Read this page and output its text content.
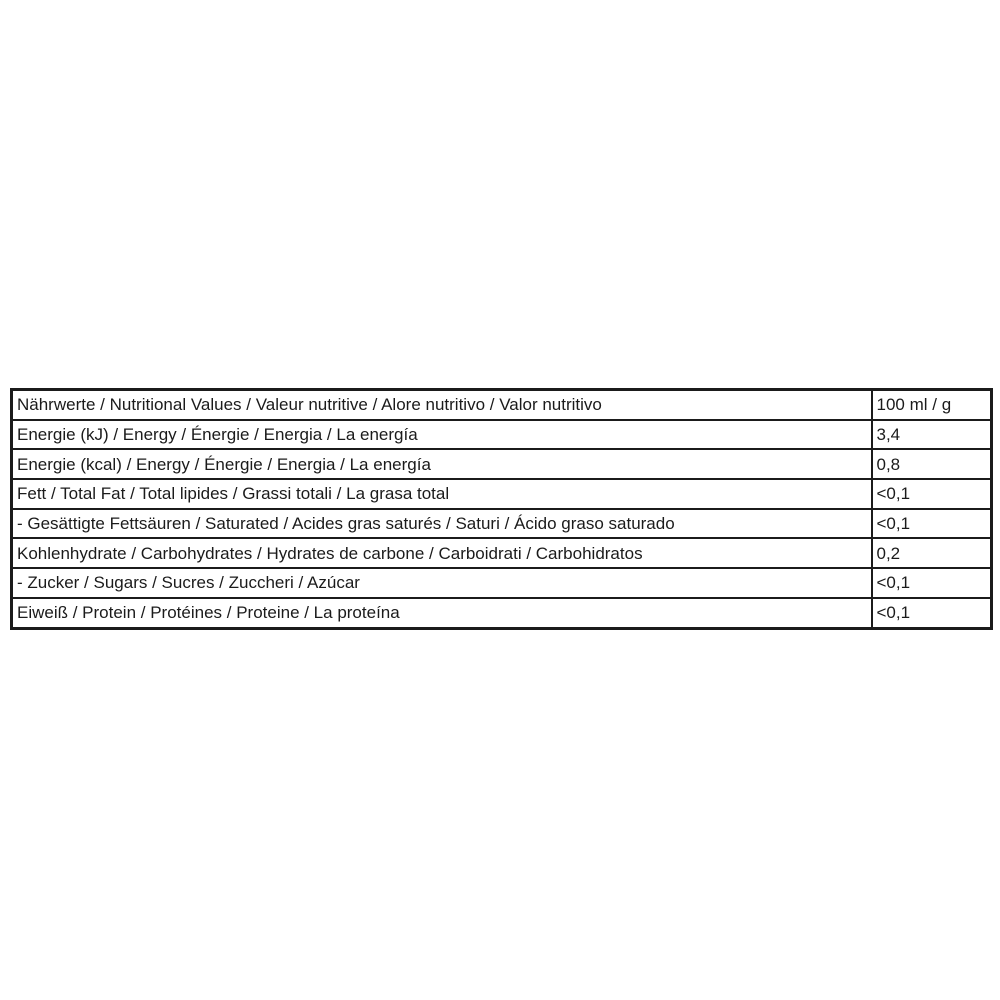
Nährwerte / Nutritional Values / Valeur nutritive / Alore nutritivo / Valor nutritivo	100 ml / g
Energie (kJ) / Energy / Énergie / Energia / La energía	3,4
Energie (kcal) / Energy / Énergie / Energia / La energía	0,8
Fett / Total Fat / Total lipides / Grassi totali / La grasa total	<0,1
- Gesättigte Fettsäuren / Saturated / Acides gras saturés / Saturi / Ácido graso saturado	<0,1
Kohlenhydrate / Carbohydrates / Hydrates de carbone / Carboidrati / Carbohidratos	0,2
- Zucker / Sugars / Sucres / Zuccheri / Azúcar	<0,1
Eiweiß / Protein / Protéines / Proteine / La proteína	<0,1
